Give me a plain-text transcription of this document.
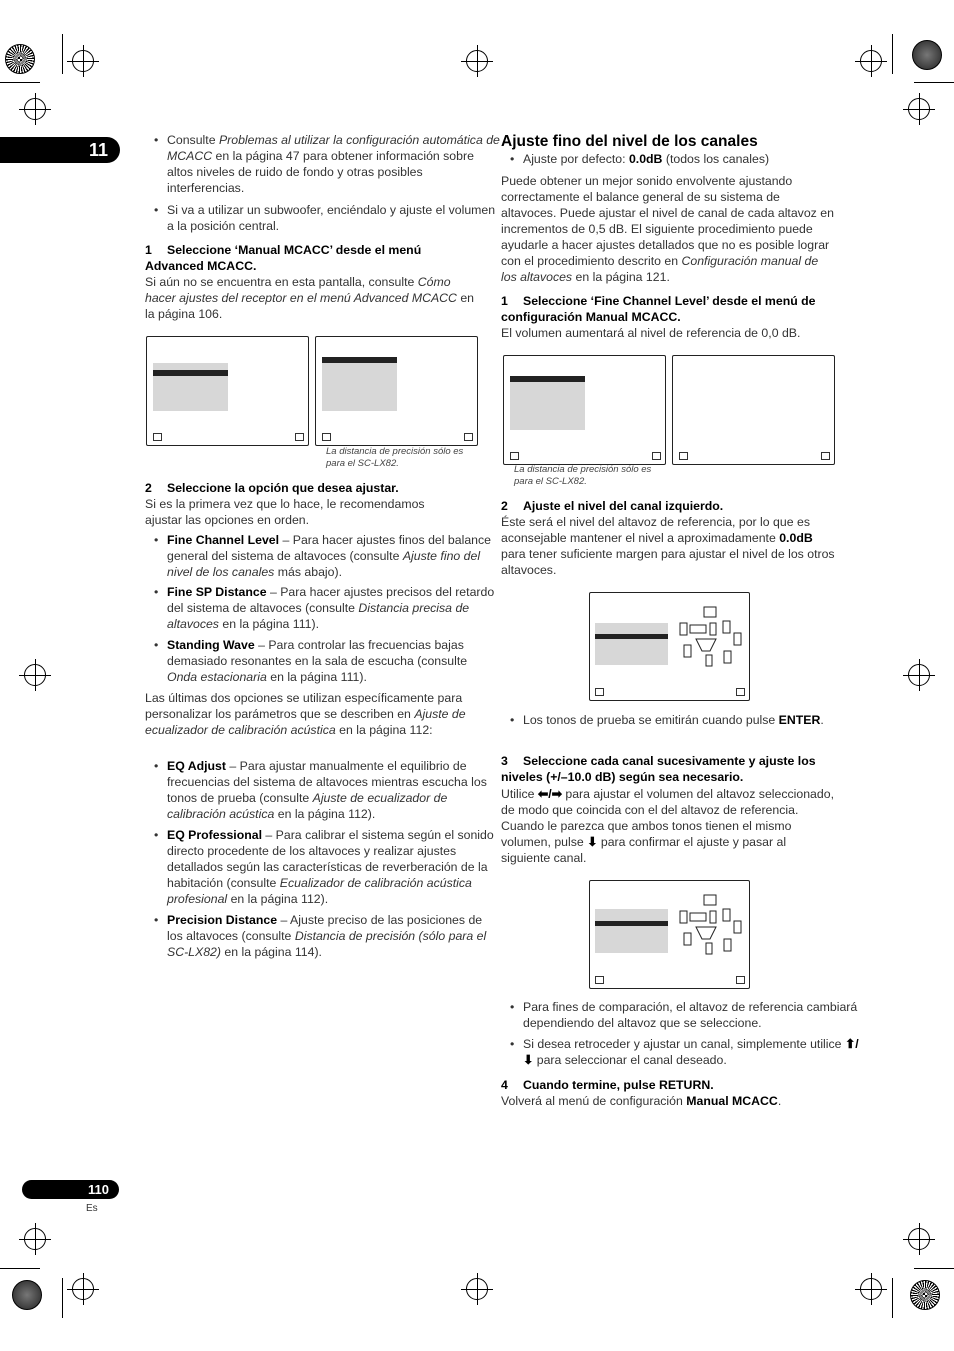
11
•	Consulte Problemas al utilizar la configuración automática de MCACC en la página 47 para obtener información sobre altos niveles de ruido de fondo y otras posibles interferencias.
• Si va a utilizar un subwoofer, enciéndalo y ajuste el volumen a la posición central.
1 Seleccione ‘Manual MCACC’ desde el menú Advanced MCACC.
Si aún no se encuentra en esta pantalla, consulte Cómo hacer ajustes del receptor en el menú Advanced MCACC en la página 106.
La distancia de precisión sólo es para el SC-LX82.
2 Seleccione la opción que desea ajustar.
Si es la primera vez que lo hace, le recomendamos ajustar las opciones en orden.
• Fine Channel Level – Para hacer ajustes finos del balance general del sistema de altavoces (consulte Ajuste fino del nivel de los canales más abajo).
• Fine SP Distance – Para hacer ajustes precisos del retardo del sistema de altavoces (consulte Distancia precisa de altavoces en la página 111).
• Standing Wave – Para controlar las frecuencias bajas demasiado resonantes en la sala de escucha (consulte Onda estacionaria en la página 111).
Las últimas dos opciones se utilizan específicamente para personalizar los parámetros que se describen en Ajuste de ecualizador de calibración acústica en la página 112:
• EQ Adjust – Para ajustar manualmente el equilibrio de frecuencias del sistema de altavoces mientras escucha los tonos de prueba (consulte Ajuste de ecualizador de calibración acústica en la página 112).
• EQ Professional – Para calibrar el sistema según el sonido directo procedente de los altavoces y realizar ajustes detallados según las características de reverberación de la habitación (consulte Ecualizador de calibración acústica profesional en la página 112).
• Precision Distance – Ajuste preciso de las posiciones de los altavoces (consulte Distancia de precisión (sólo para el SC-LX82) en la página 114).
Ajuste fino del nivel de los canales
• Ajuste por defecto: 0.0dB (todos los canales)
Puede obtener un mejor sonido envolvente ajustando correctamente el balance general de su sistema de altavoces. Puede ajustar el nivel de canal de cada altavoz en incrementos de 0,5 dB. El siguiente procedimiento puede ayudarle a hacer ajustes detallados que no es posible lograr con el procedimiento descrito en Configuración manual de los altavoces en la página 121.
1 Seleccione ‘Fine Channel Level’ desde el menú de configuración Manual MCACC.
El volumen aumentará al nivel de referencia de 0,0 dB.
La distancia de precisión sólo es para el SC-LX82.
2 Ajuste el nivel del canal izquierdo.
Éste será el nivel del altavoz de referencia, por lo que es aconsejable mantener el nivel a aproximadamente 0.0dB para tener suficiente margen para ajustar el nivel de los otros altavoces.
• Los tonos de prueba se emitirán cuando pulse ENTER.
3 Seleccione cada canal sucesivamente y ajuste los niveles (+/–10.0 dB) según sea necesario.
Utilice ⬅/➡ para ajustar el volumen del altavoz seleccionado, de modo que coincida con el del altavoz de referencia. Cuando le parezca que ambos tonos tienen el mismo volumen, pulse ⬇ para confirmar el ajuste y pasar al siguiente canal.
• Para fines de comparación, el altavoz de referencia cambiará dependiendo del altavoz que se seleccione.
• Si desea retroceder y ajustar un canal, simplemente utilice ⬆/⬇ para seleccionar el canal deseado.
4 Cuando termine, pulse RETURN.
Volverá al menú de configuración Manual MCACC.
110
Es
